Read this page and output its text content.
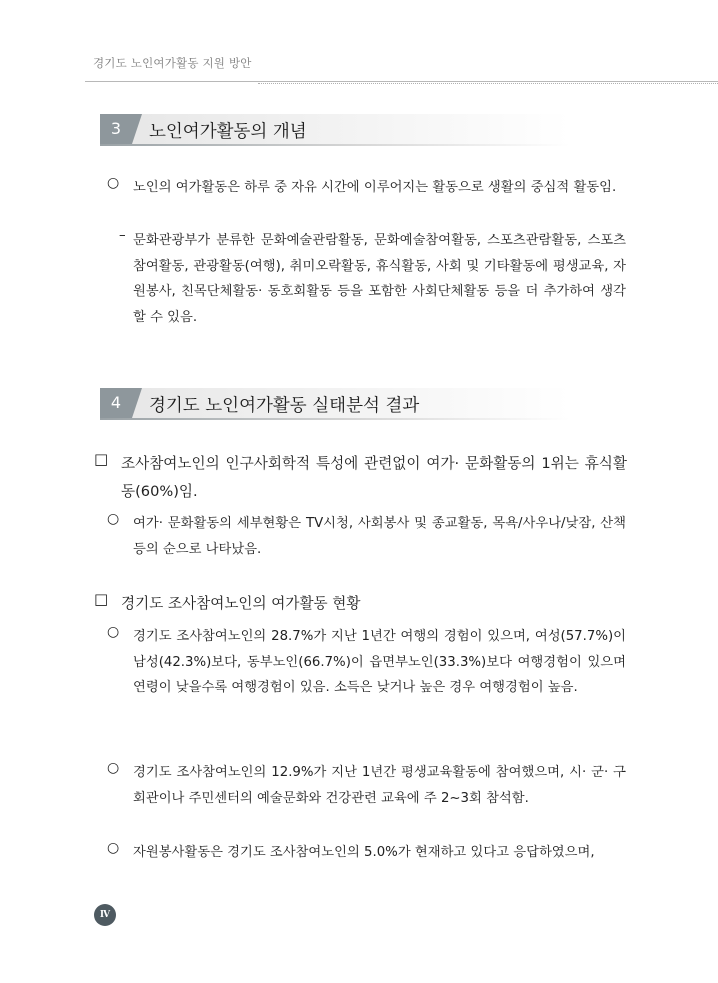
경기도 노인여가활동 지원 방안
3	노인여가활동의 개념
○ 노인의 여가활동은 하루 중 자유 시간에 이루어지는 활동으로 생활의 중심적 활동임.
– 문화관광부가 분류한 문화예술관람활동, 문화예술참여활동, 스포츠관람활동, 스포츠참여활동, 관광활동(여행), 취미오락활동, 휴식활동, 사회 및 기타활동에 평생교육, 자원봉사, 친목단체활동· 동호회활동 등을 포함한 사회단체활동 등을 더 추가하여 생각할 수 있음.
4	경기도 노인여가활동 실태분석 결과
□ 조사참여노인의 인구사회학적 특성에 관련없이 여가· 문화활동의 1위는 휴식활동(60%)임.
○ 여가· 문화활동의 세부현황은 TV시청, 사회봉사 및 종교활동, 목욕/사우나/낮잠, 산책 등의 순으로 나타났음.
□ 경기도 조사참여노인의 여가활동 현황
○ 경기도 조사참여노인의 28.7%가 지난 1년간 여행의 경험이 있으며, 여성(57.7%)이 남성(42.3%)보다, 동부노인(66.7%)이 읍면부노인(33.3%)보다 여행경험이 있으며 연령이 낮을수록 여행경험이 있음. 소득은 낮거나 높은 경우 여행경험이 높음.
○ 경기도 조사참여노인의 12.9%가 지난 1년간 평생교육활동에 참여했으며, 시· 군· 구회관이나 주민센터의 예술문화와 건강관련 교육에 주 2~3회 참석함.
○ 자원봉사활동은 경기도 조사참여노인의 5.0%가 현재하고 있다고 응답하였으며,
Ⅳ
